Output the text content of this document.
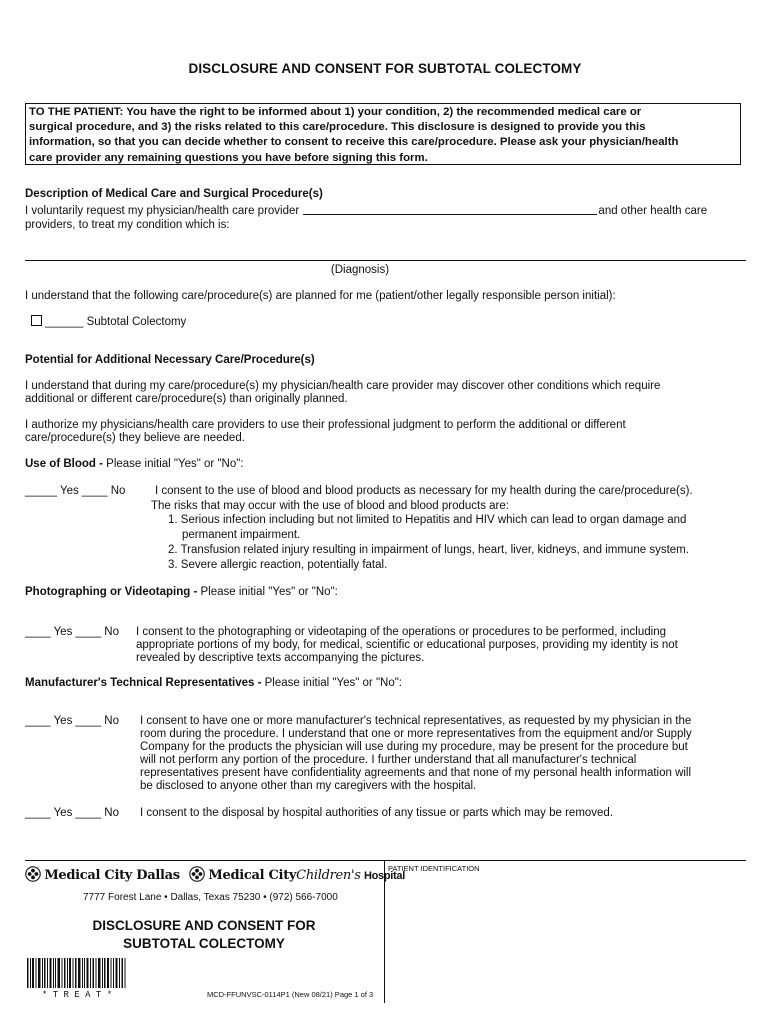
DISCLOSURE AND CONSENT FOR SUBTOTAL COLECTOMY
TO THE PATIENT: You have the right to be informed about 1) your condition, 2) the recommended medical care or
surgical procedure, and 3) the risks related to this care/procedure. This disclosure is designed to provide you this
information, so that you can decide whether to consent to receive this care/procedure. Please ask your physician/health
care provider any remaining questions you have before signing this form.
Description of Medical Care and Surgical Procedure(s)
I voluntarily request my physician/health care provider	and other health care
providers, to treat my condition which is:
(Diagnosis)
I understand that the following care/procedure(s) are planned for me (patient/other legally responsible person initial):
______ Subtotal Colectomy
Potential for Additional Necessary Care/Procedure(s)
I understand that during my care/procedure(s) my physician/health care provider may discover other conditions which require
additional or different care/procedure(s) than originally planned.
I authorize my physicians/health care providers to use their professional judgment to perform the additional or different
care/procedure(s) they believe are needed.
Use of Blood - Please initial "Yes" or "No":
_____ Yes ____ No	I consent to the use of blood and blood products as necessary for my health during the care/procedure(s).
The risks that may occur with the use of blood and blood products are:
1. Serious infection including but not limited to Hepatitis and HIV which can lead to organ damage and
permanent impairment.
2. Transfusion related injury resulting in impairment of lungs, heart, liver, kidneys, and immune system.
3. Severe allergic reaction, potentially fatal.
Photographing or Videotaping - Please initial "Yes" or "No":
____ Yes ____ No I consent to the photographing or videotaping of the operations or procedures to be performed, including
appropriate portions of my body, for medical, scientific or educational purposes, providing my identity is not
revealed by descriptive texts accompanying the pictures.
Manufacturer's Technical Representatives - Please initial "Yes" or "No":
____ Yes ____ No I consent to have one or more manufacturer's technical representatives, as requested by my physician in the
room during the procedure. I understand that one or more representatives from the equipment and/or Supply
Company for the products the physician will use during my procedure, may be present for the procedure but
will not perform any portion of the procedure. I further understand that all manufacturer's technical
representatives present have confidentiality agreements and that none of my personal health information will
be disclosed to anyone other than my caregivers with the hospital.
____ Yes ____ No I consent to the disposal by hospital authorities of any tissue or parts which may be removed.
Medical City Dallas Medical CityChildren's Hospital
7777 Forest Lane • Dallas, Texas 75230 • (972) 566-7000
DISCLOSURE AND CONSENT FOR
SUBTOTAL COLECTOMY
* T R E A T *	MCD-FFUNVSC-0114P1 (New 08/21) Page 1 of 3
PATIENT IDENTIFICATION
